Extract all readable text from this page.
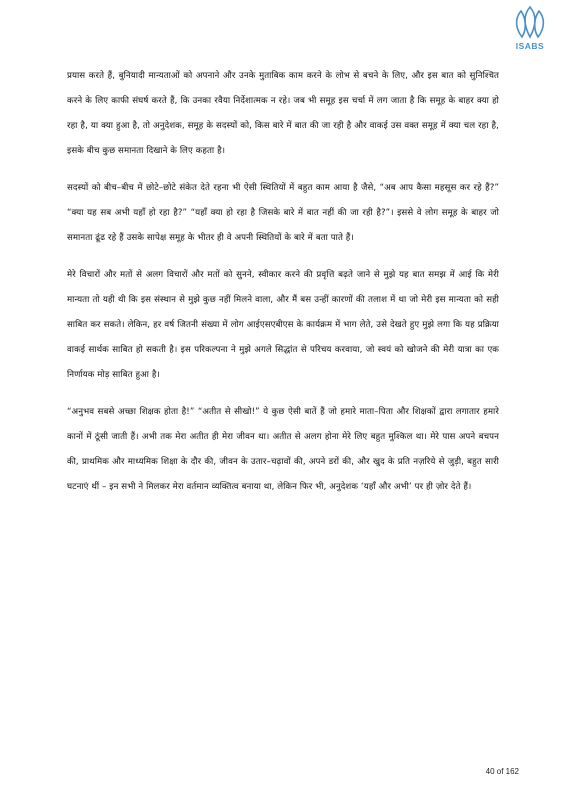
ISABS

प्रयास करते हैं, बुनियादी मान्यताओं को अपनाने और उनके मुताबिक काम करने के लोभ से बचने के लिए, और इस बात को सुनिश्चित करने के लिए काफी संघर्ष करते हैं, कि उनका रवैया निर्देशात्मक न रहे। जब भी समूह इस चर्चा में लग जाता है कि समूह के बाहर क्या हो रहा है, या क्या हुआ है, तो अनुदेशक, समूह के सदस्यों को, किस बारे में बात की जा रही है और वाकई उस वक्त समूह में क्या चल रहा है, इसके बीच कुछ समानता दिखाने के लिए कहता है।

सदस्यों को बीच–बीच में छोटे–छोटे संकेत देते रहना भी ऐसी स्थितियों में बहुत काम आया है जैसे, “अब आप कैसा महसूस कर रहे हैं?” “क्या यह सब अभी यहाँ हो रहा है?” “यहाँ क्या हो रहा है जिसके बारे में बात नहीं की जा रही है?”। इससे वे लोग समूह के बाहर जो समानता ढूंढ रहे हैं उसके सापेक्ष समूह के भीतर ही वे अपनी स्थितियों के बारे में बता पाते हैं।

मेरे विचारों और मतों से अलग विचारों और मतों को सुनने, स्वीकार करने की प्रवृत्ति बढ़ते जाने से मुझे यह बात समझ में आई कि मेरी मान्यता तो यही थी कि इस संस्थान से मुझे कुछ नहीं मिलने वाला, और मैं बस उन्हीं कारणों की तलाश में था जो मेरी इस मान्यता को सही साबित कर सकते। लेकिन, हर वर्ष जितनी संख्या में लोग आईएसएबीएस के कार्यक्रम में भाग लेते, उसे देखते हुए मुझे लगा कि यह प्रक्रिया वाकई सार्थक साबित हो सकती है। इस परिकल्पना ने मुझे अगले सिद्धांत से परिचय करवाया, जो स्वयं को खोजने की मेरी यात्रा का एक निर्णायक मोड़ साबित हुआ है।

“अनुभव सबसे अच्छा शिक्षक होता है!” “अतीत से सीखो!” ये कुछ ऐसी बातें हैं जो हमारे माता–पिता और शिक्षकों द्वारा लगातार हमारे कानों में ठूंसी जाती हैं। अभी तक मेरा अतीत ही मेरा जीवन था। अतीत से अलग होना मेरे लिए बहुत मुश्किल था। मेरे पास अपने बचपन की, प्राथमिक और माध्यमिक शिक्षा के दौर की, जीवन के उतार–चढ़ावों की, अपने डरों की, और खुद के प्रति नज़रिये से जुड़ी, बहुत सारी घटनाएं थीं – इन सभी ने मिलकर मेरा वर्तमान व्यक्तित्व बनाया था, लेकिन फिर भी, अनुदेशक ‘यहाँ और अभी’ पर ही ज़ोर देते हैं।

40 of 162
